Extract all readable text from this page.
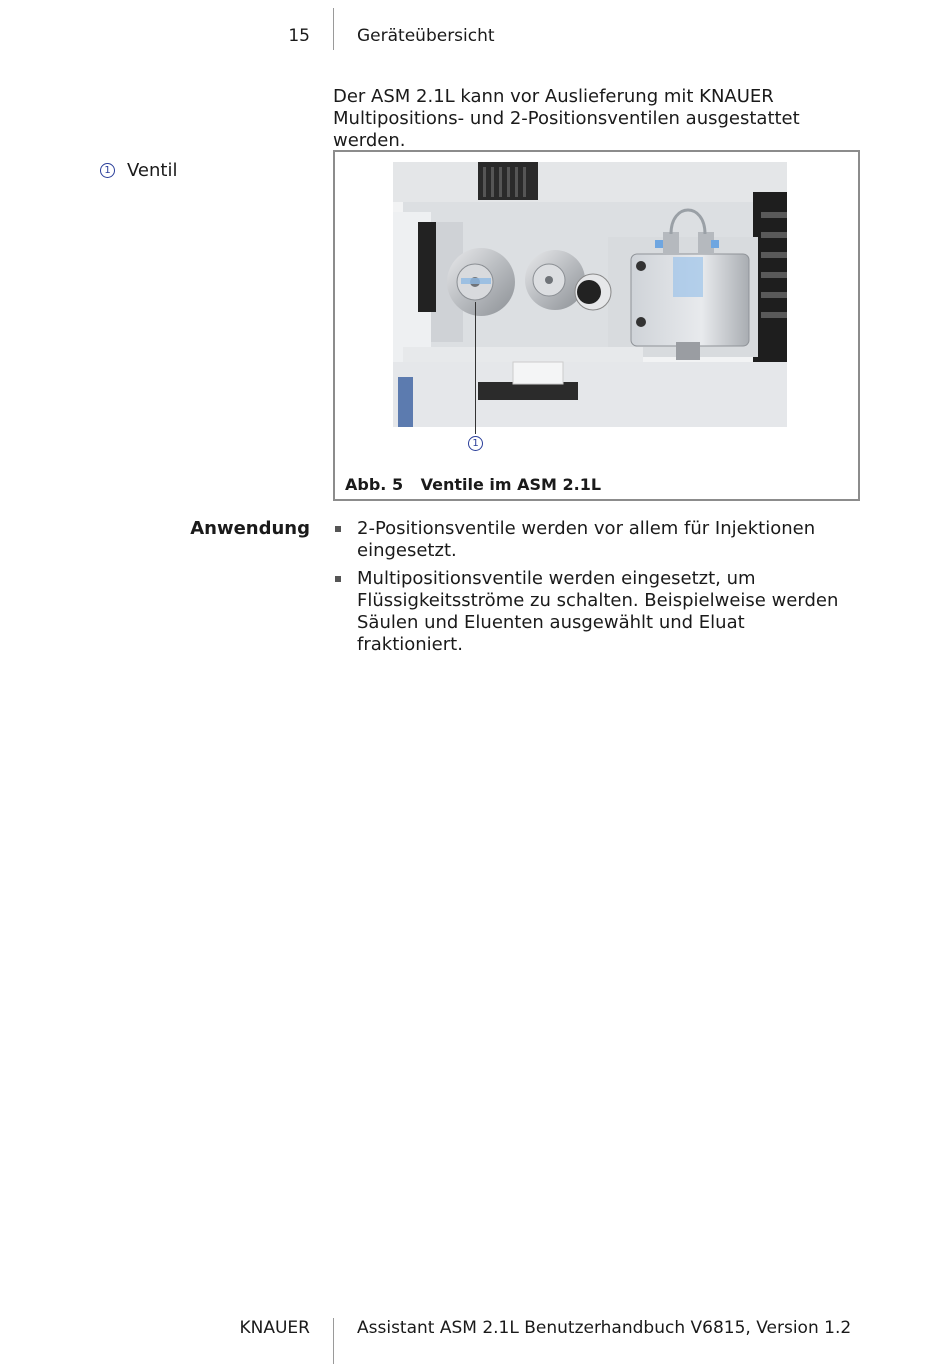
15	Geräteübersicht
Der ASM 2.1L kann vor Auslieferung mit KNAUER Multipositions- und 2-Positionsventilen ausgestattet werden.
1 Ventil
1
Abb. 5 Ventile im ASM 2.1L
Anwendung	2-Positionsventile werden vor allem für Injektionen eingesetzt.
Multipositionsventile werden eingesetzt, um Flüssigkeitsströme zu schalten. Beispielweise werden Säulen und Eluenten ausgewählt und Eluat fraktioniert.
KNAUER	Assistant ASM 2.1L Benutzerhandbuch V6815, Version 1.2
